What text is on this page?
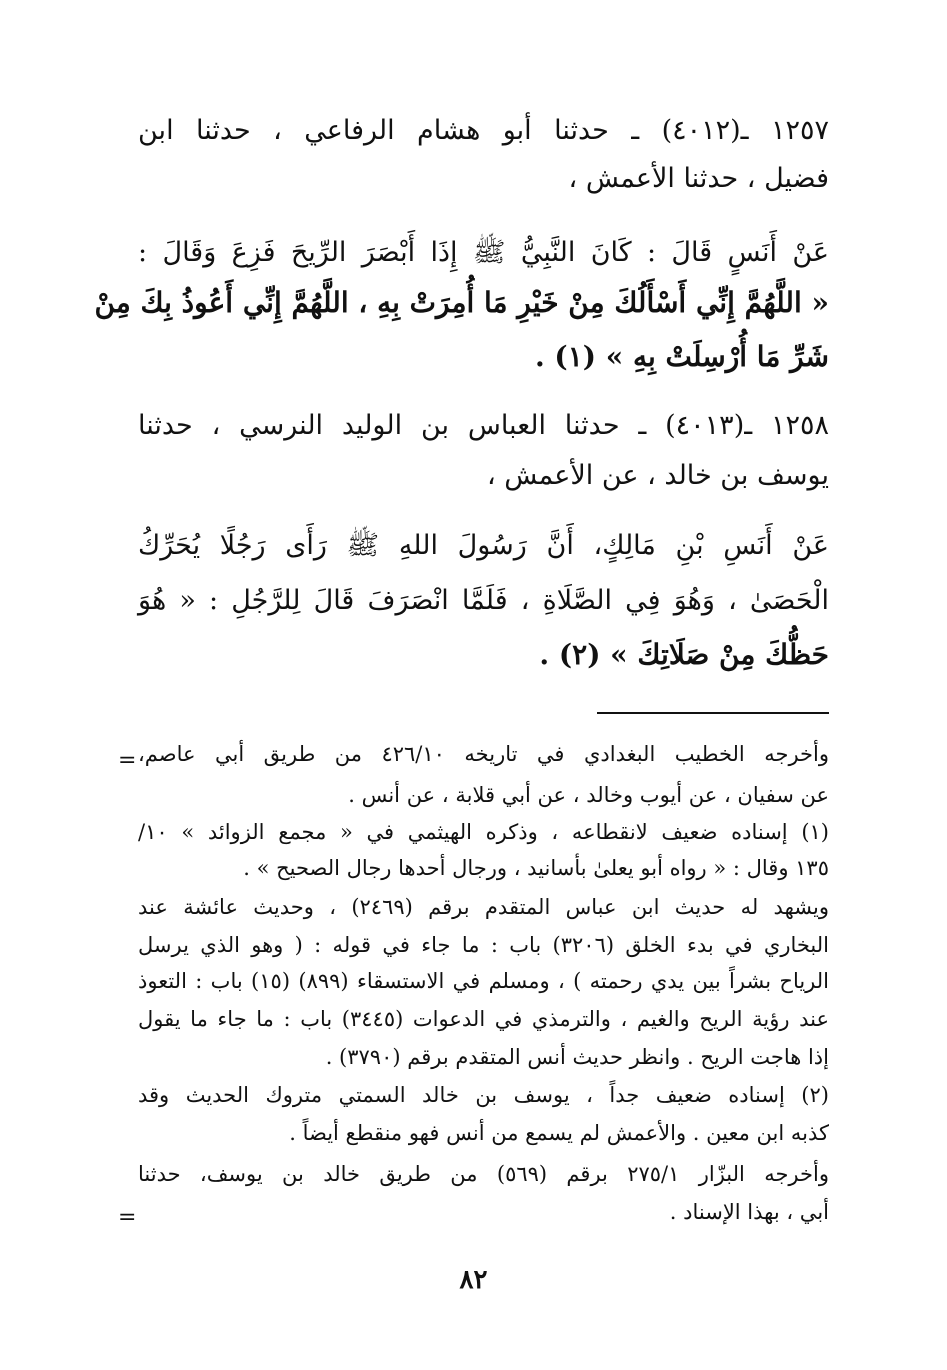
١٢٥٧ ـ(٤٠١٢) ـ حدثنا أبو هشام الرفاعي ، حدثنا ابن
فضيل ، حدثنا الأعمش ،
عَنْ أَنَسٍ قَالَ : كَانَ النَّبِيُّ ﷺ إِذَا أَبْصَرَ الرِّيحَ فَزِعَ وَقَالَ :
« اللَّهُمَّ إِنِّي أَسْأَلُكَ مِنْ خَيْرِ مَا أُمِرَتْ بِهِ ، اللَّهُمَّ إِنِّي أَعُوذُ بِكَ مِنْ
شَرِّ مَا أُرْسِلَتْ بِهِ » (١) .
١٢٥٨ ـ(٤٠١٣) ـ حدثنا العباس بن الوليد النرسي ، حدثنا
يوسف بن خالد ، عن الأعمش ،
عَنْ أَنَسِ بْنِ مَالِكٍ، أَنَّ رَسُولَ اللهِ ﷺ رَأَى رَجُلًا يُحَرِّكُ
الْحَصَىٰ ، وَهُوَ فِي الصَّلَاةِ ، فَلَمَّا انْصَرَفَ قَالَ لِلرَّجُلِ : « هُوَ
حَظُّكَ مِنْ صَلَاتِكَ » (٢) .
وأخرجه الخطيب البغدادي في تاريخه ٤٢٦/١٠ من طريق أبي عاصم،
عن سفيان ، عن أيوب وخالد ، عن أبي قلابة ، عن أنس .
(١) إسناده ضعيف لانقطاعه ، وذكره الهيثمي في « مجمع الزوائد » ١٠/
١٣٥ وقال : « رواه أبو يعلىٰ بأسانيد ، ورجال أحدها رجال الصحيح » .
ويشهد له حديث ابن عباس المتقدم برقم (٢٤٦٩) ، وحديث عائشة عند
البخاري في بدء الخلق (٣٢٠٦) باب : ما جاء في قوله : ( وهو الذي يرسل
الرياح بشراً بين يدي رحمته ) ، ومسلم في الاستسقاء (٨٩٩) (١٥) باب : التعوذ
عند رؤية الريح والغيم ، والترمذي في الدعوات (٣٤٤٥) باب : ما جاء ما يقول
إذا هاجت الريح . وانظر حديث أنس المتقدم برقم (٣٧٩٠) .
(٢) إسناده ضعيف جداً ، يوسف بن خالد السمتي متروك الحديث وقد
كذبه ابن معين . والأعمش لم يسمع من أنس فهو منقطع أيضاً .
وأخرجه البزّار ٢٧٥/١ برقم (٥٦٩) من طريق خالد بن يوسف، حدثنا
أبي ، بهذا الإسناد .
=
=
٨٢
